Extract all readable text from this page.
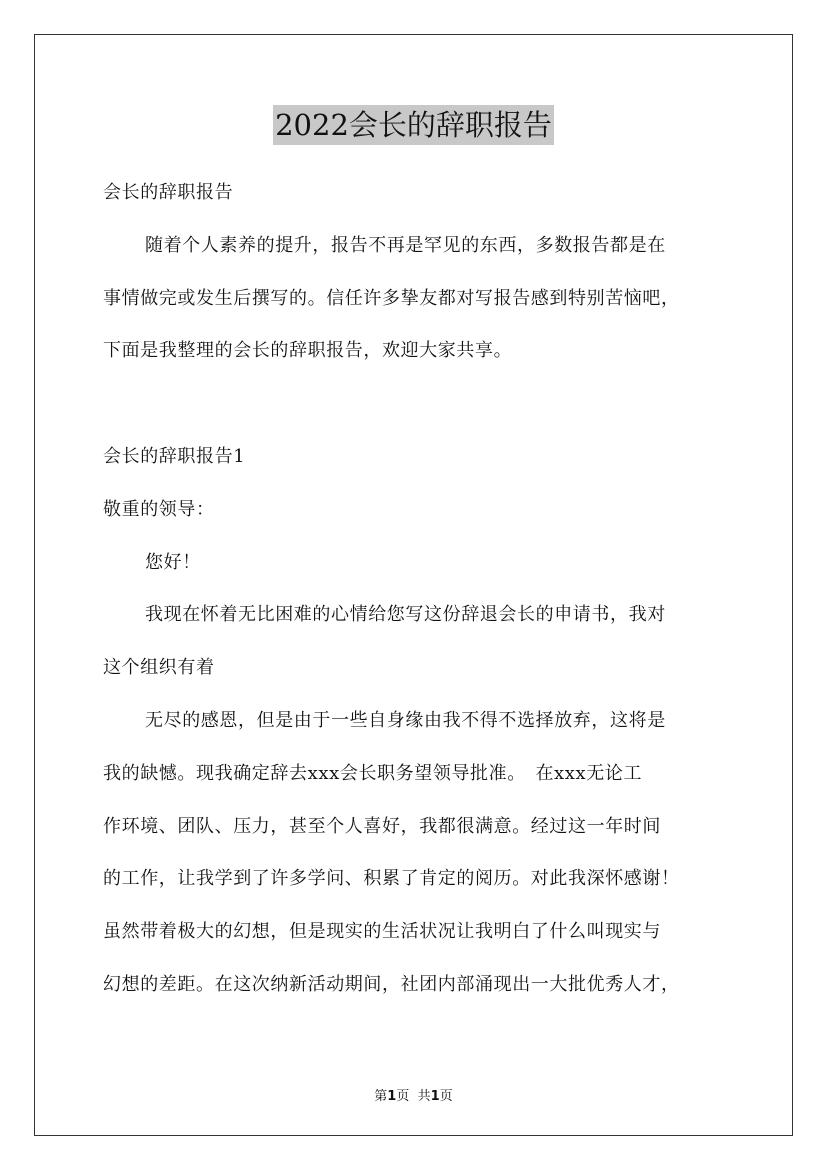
2022会长的辞职报告
会长的辞职报告
随着个人素养的提升，报告不再是罕见的东西，多数报告都是在
事情做完或发生后撰写的。信任许多挚友都对写报告感到特别苦恼吧，
下面是我整理的会长的辞职报告，欢迎大家共享。
会长的辞职报告1
敬重的领导：
您好！
我现在怀着无比困难的心情给您写这份辞退会长的申请书，我对
这个组织有着
无尽的感恩，但是由于一些自身缘由我不得不选择放弃，这将是
我的缺憾。现我确定辞去xxx会长职务望领导批准。　在xxx无论工
作环境、团队、压力，甚至个人喜好，我都很满意。经过这一年时间
的工作，让我学到了许多学问、积累了肯定的阅历。对此我深怀感谢！
虽然带着极大的幻想，但是现实的生活状况让我明白了什么叫现实与
幻想的差距。在这次纳新活动期间，社团内部涌现出一大批优秀人才，
第1页 共1页
